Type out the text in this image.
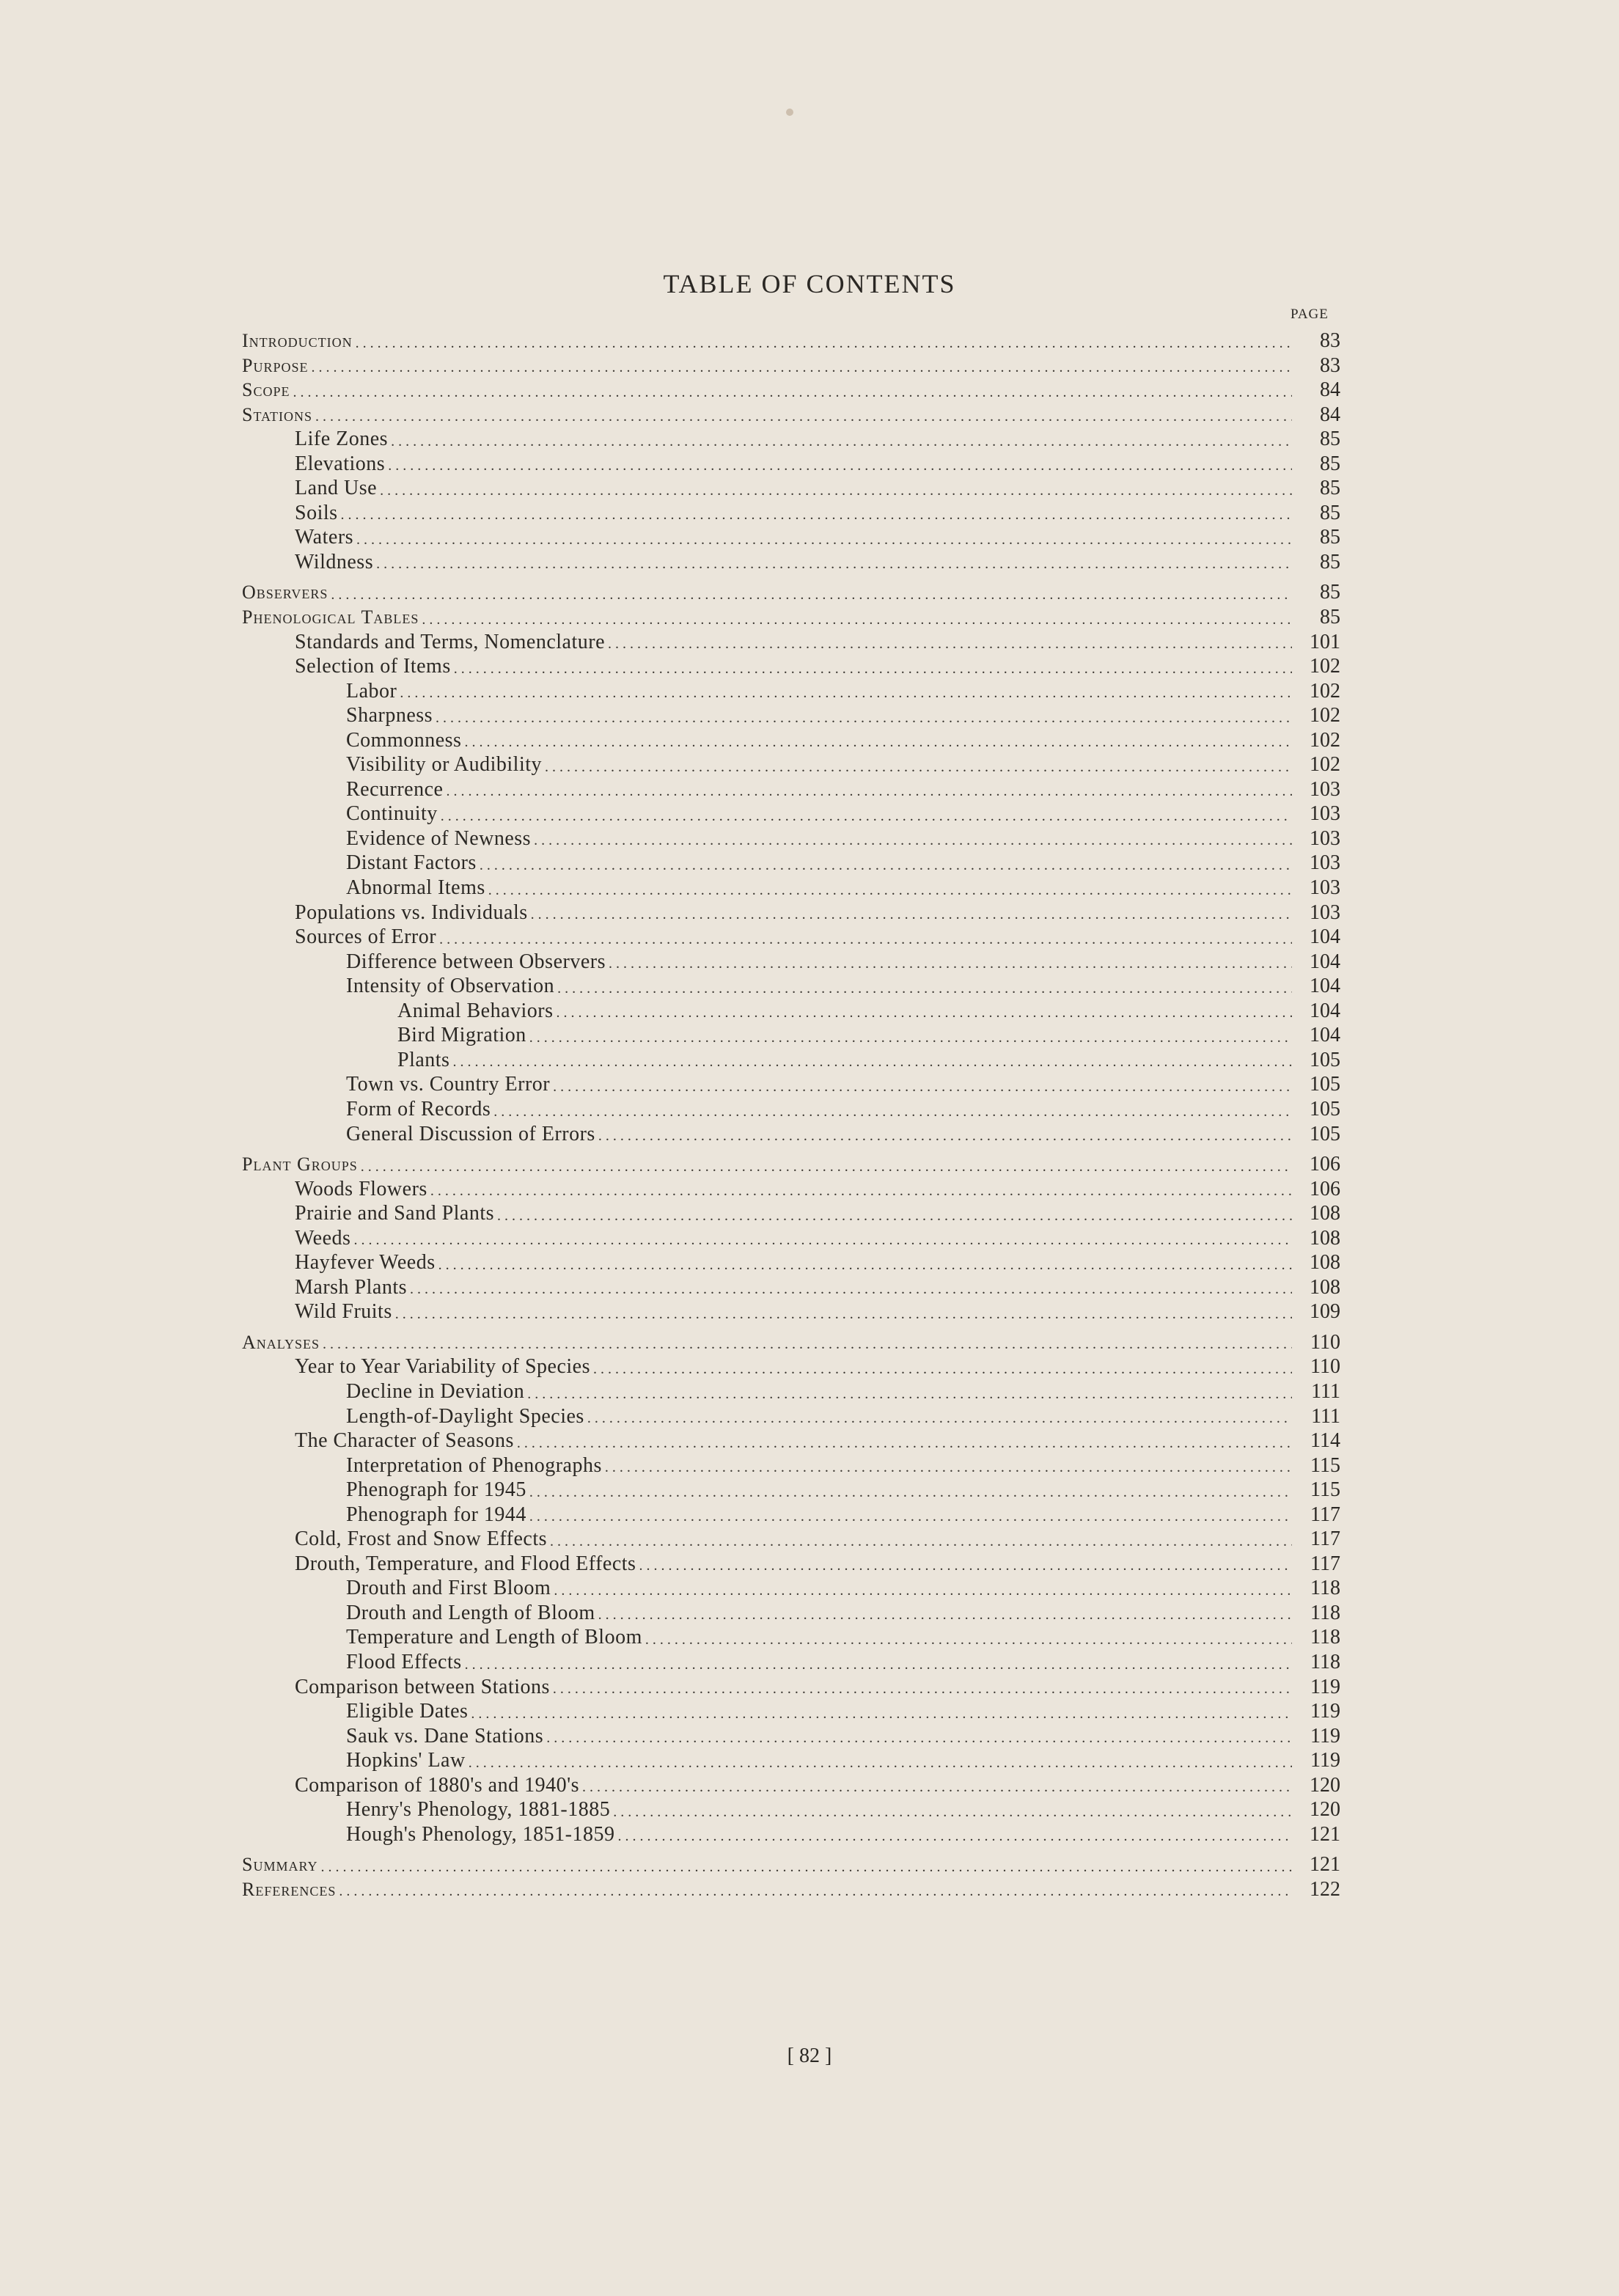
TABLE OF CONTENTS
PAGE
Introduction . . .	83
Purpose . . .	83
Scope . . .	84
Stations . . .	84
Life Zones . . .	85
Elevations . . .	85
Land Use . . .	85
Soils . . .	85
Waters . . .	85
Wildness . . .	85
Observers . . .	85
Phenological Tables . . .	85
Standards and Terms, Nomenclature . . .	101
Selection of Items . . .	102
Labor . . .	102
Sharpness . . .	102
Commonness . . .	102
Visibility or Audibility . . .	102
Recurrence . . .	103
Continuity . . .	103
Evidence of Newness . . .	103
Distant Factors . . .	103
Abnormal Items . . .	103
Populations vs. Individuals . . .	103
Sources of Error . . .	104
Difference between Observers . . .	104
Intensity of Observation . . .	104
Animal Behaviors . . .	104
Bird Migration . . .	104
Plants . . .	105
Town vs. Country Error . . .	105
Form of Records . . .	105
General Discussion of Errors . . .	105
Plant Groups . . .	106
Woods Flowers . . .	106
Prairie and Sand Plants . . .	108
Weeds . . .	108
Hayfever Weeds . . .	108
Marsh Plants . . .	108
Wild Fruits . . .	109
Analyses . . .	110
Year to Year Variability of Species . . .	110
Decline in Deviation . . .	111
Length-of-Daylight Species . . .	111
The Character of Seasons . . .	114
Interpretation of Phenographs . . .	115
Phenograph for 1945 . . .	115
Phenograph for 1944 . . .	117
Cold, Frost and Snow Effects . . .	117
Drouth, Temperature, and Flood Effects . . .	117
Drouth and First Bloom . . .	118
Drouth and Length of Bloom . . .	118
Temperature and Length of Bloom . . .	118
Flood Effects . . .	118
Comparison between Stations . . .	119
Eligible Dates . . .	119
Sauk vs. Dane Stations . . .	119
Hopkins' Law . . .	119
Comparison of 1880's and 1940's . . .	120
Henry's Phenology, 1881-1885 . . .	120
Hough's Phenology, 1851-1859 . . .	121
Summary . . .	121
References . . .	122
[ 82 ]
